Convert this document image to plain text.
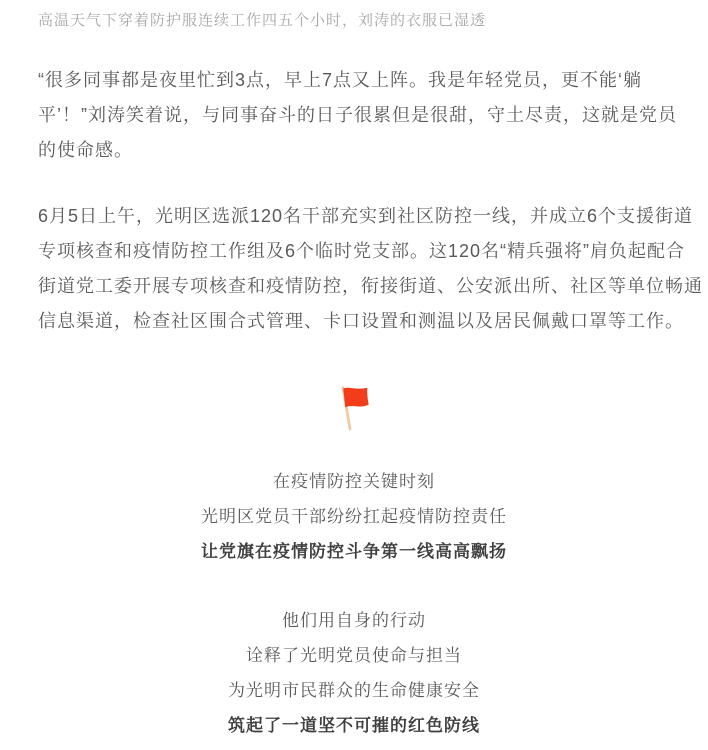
高温天气下穿着防护服连续工作四五个小时，刘涛的衣服已湿透

“很多同事都是夜里忙到3点，早上7点又上阵。我是年轻党员，更不能‘躺
平’！”刘涛笑着说，与同事奋斗的日子很累但是很甜，守土尽责，这就是党员
的使命感。
6月5日上午，光明区选派120名干部充实到社区防控一线，并成立6个支援街道
专项核查和疫情防控工作组及6个临时党支部。这120名“精兵强将”肩负起配合
街道党工委开展专项核查和疫情防控，衔接街道、公安派出所、社区等单位畅通
信息渠道，检查社区围合式管理、卡口设置和测温以及居民佩戴口罩等工作。
在疫情防控关键时刻
光明区党员干部纷纷扛起疫情防控责任
让党旗在疫情防控斗争第一线高高飘扬
他们用自身的行动
诠释了光明党员使命与担当
为光明市民群众的生命健康安全
筑起了一道坚不可摧的红色防线
